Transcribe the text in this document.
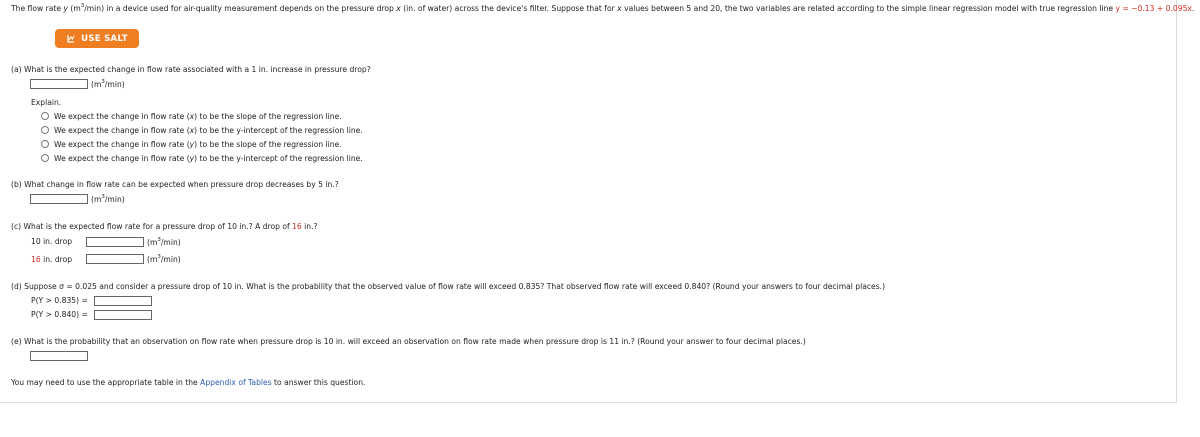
The flow rate y $(m^3/\min)$ in a device used for air-quality measurement depends on the pressure drop x (in. of water) across the device's filter. Suppose that for x values between 5 and 20, the two variables are related according to the simple linear regression model with true regression line y = −0.13 + 0.095x.
USE SALT
(a) What is the expected change in flow rate associated with a 1 in. increase in pressure drop?
$(m^3/\min)$
Explain.
We expect the change in flow rate (x) to be the slope of the regression line.
We expect the change in flow rate (x) to be the y-intercept of the regression line.
We expect the change in flow rate (y) to be the slope of the regression line.
We expect the change in flow rate (y) to be the y-intercept of the regression line.
(b) What change in flow rate can be expected when pressure drop decreases by 5 in.?
$(m^3/\min)$
(c) What is the expected flow rate for a pressure drop of 10 in.? A drop of 16 in.?
10 in. drop	$(m^3/\min)$
16 in. drop	$(m^3/\min)$
(d) Suppose σ = 0.025 and consider a pressure drop of 10 in. What is the probability that the observed value of flow rate will exceed 0.835? That observed flow rate will exceed 0.840? (Round your answers to four decimal places.)
P(Y > 0.835) =
P(Y > 0.840) =
(e) What is the probability that an observation on flow rate when pressure drop is 10 in. will exceed an observation on flow rate made when pressure drop is 11 in.? (Round your answer to four decimal places.)
You may need to use the appropriate table in the Appendix of Tables to answer this question.
